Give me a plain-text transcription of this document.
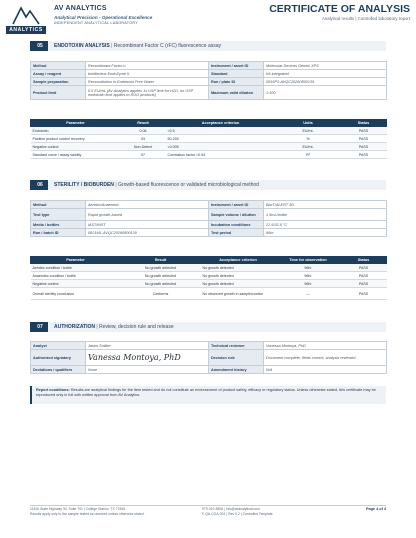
ANALYTICS
AV ANALYTICS
Analytical Precision - Operational Excellence
INDEPENDENT ANALYTICAL LABORATORY
CERTIFICATE OF ANALYSIS
Analytical results | Controlled laboratory report
05	ENDOTOXIN ANALYSIS | Recombinant Factor C (rFC) fluorescence assay
Method	Recombinant Factor-o	Instrument / asset ID	Molecular Devices Gemini XPS
Assay / reagent	bioMerieux EndoZyme II	Standard	Kit-integrated
Sample preparation	Reconstitution in Endotoxin Free Water	Run / plate ID	0816P3-AVQC20260800139
Product limit	0.5 EU/mL [AV Analytics applies 1x USP limit for H2O, no USP endotoxin limit applies to RUO products]	Maximum valid dilution	1:100
Parameter	Result	Acceptance criterion	Units	Status
Endotoxin	0.06	<0.5	EU/mL	PASS
Positive product control recovery	93	50-200	%	PASS
Negative control	Non-Detect	<0.005	EU/mL	PASS
Standard curve / assay validity	97	Correlation factor >0.94	R²	PASS
06	STERILITY / BIOBURDEN | Growth-based fluorescence or validated microbiological method
Method	Aerobic/Anaerobic	Instrument / asset ID	BacT/ALERT 3D
Test type	Rapid growth-based	Sample volume / dilution	1.5mL/bottle
Media / bottles	iAST/iNST	Incubation conditions	22.5/32.5 °C
Run / batch ID	0821M1-AVQC20260800139	Test period	96hr
Parameter	Result	Acceptance criterion	Time for observation	Status
Aerobic condition / bottle	No growth detected	No growth detected	96hr	PASS
Anaerobic condition / bottle	No growth detected	No growth detected	96hr	PASS
Negative control	No growth detected	No growth detected	96hr	PASS
Overall sterility conclusion	Conforms	No observed growth in sample/control	—	PASS
07	AUTHORIZATION | Review, decision rule and release
Analyst	Jason Snilker	Technical reviewer	Vanessa Montoya, PhD
Authorized signatory	Vanessa Montoya, PhD	Decision rule	Document complete, fields correct, analysis reviewed
Deviations / qualifiers	None	Amendment history	N/A
Report conditions: Results are analytical findings for the item tested and do not constitute an endorsement of product safety, efficacy or regulatory status. Unless otherwise stated, this certificate may be reproduced only in full with written approval from AV Analytics.
11400 State Highway 30, Suite 701 | College Station, TX 77845
Results apply only to the sample tested as received unless otherwise stated.
979-319-5808 | info@avanalytical.com
F-QA-COA-001 | Rev 0.2 | Controlled Template
Page 4 of 4
